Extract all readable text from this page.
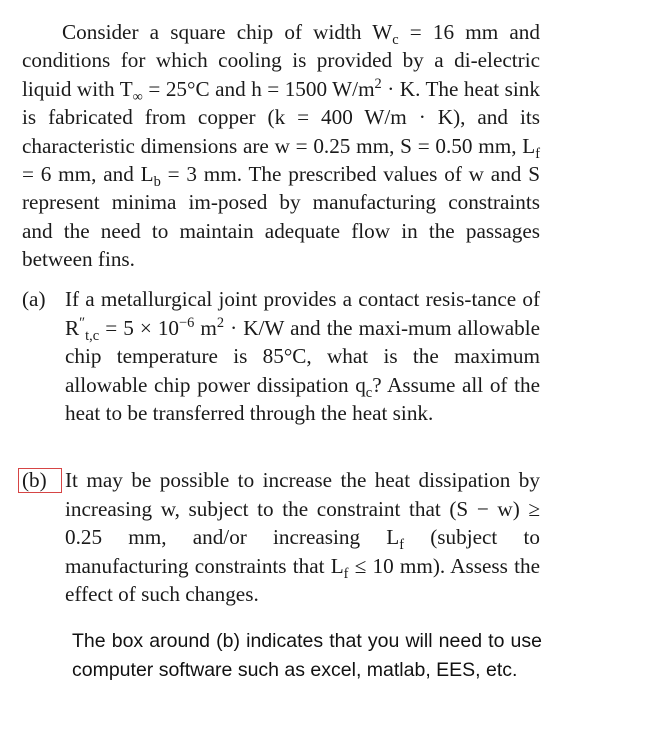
Consider a square chip of width $W_c = 16$ mm and conditions for which cooling is provided by a di-electric liquid with $T_\infty = 25^\circ C$ and h = 1500 $W/m^2 \cdot K$. The heat sink is fabricated from copper (k = 400 W/m · K), and its characteristic dimensions are w = 0.25 mm, S = 0.50 mm, $L_f = 6$ mm, and $L_b = 3$ mm. The prescribed values of w and S represent minima im-posed by manufacturing constraints and the need to maintain adequate flow in the passages between fins.
(a) If a metallurgical joint provides a contact resis-tance of $R''_{t,c} = 5 \times 10^{-6}$ $m^2 \cdot K/W$ and the maxi-mum allowable chip temperature is 85°C, what is the maximum allowable chip power dissipation $q_c$? Assume all of the heat to be transferred through the heat sink.
(b) It may be possible to increase the heat dissipation by increasing w, subject to the constraint that (S − w) ≥ 0.25 mm, and/or increasing $L_f$ (subject to manufacturing constraints that $L_f \le 10$ mm). Assess the effect of such changes.
The box around (b) indicates that you will need to use computer software such as excel, matlab, EES, etc.
